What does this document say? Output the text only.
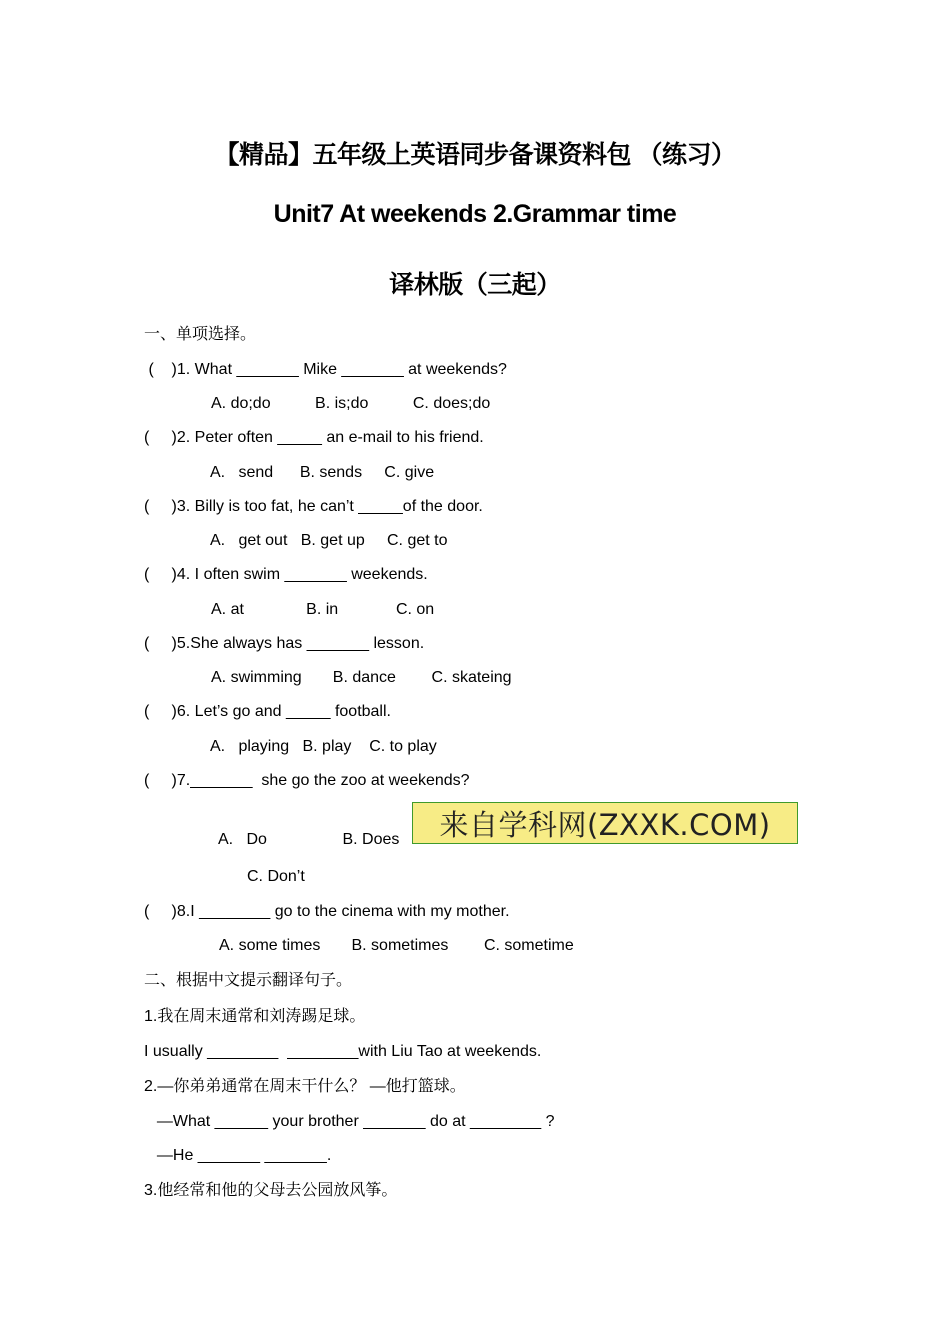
【精品】五年级上英语同步备课资料包 （练习）
Unit7 At weekends 2.Grammar time
译林版（三起）
一、单项选择。
(    )1. What _______ Mike _______ at weekends?
A. do;do          B. is;do          C. does;do
(     )2. Peter often _____ an e-mail to his friend.
A.   send      B. sends     C. give
(     )3. Billy is too fat, he can’t _____of the door.
A.   get out   B. get up     C. get to
(     )4. I often swim _______ weekends.
A. at              B. in             C. on
(     )5.She always has _______ lesson.
A. swimming       B. dance        C. skateing
(     )6. Let’s go and _____ football.
A.   playing   B. play    C. to play
(     )7._______  she go the zoo at weekends?
A.   Do                 B. Does
C. Don’t
(     )8.I ________ go to the cinema with my mother.
A. some times       B. sometimes        C. sometime
二、根据中文提示翻译句子。
1.我在周末通常和刘涛踢足球。
I usually ________  ________with Liu Tao at weekends.
2.—你弟弟通常在周末干什么？ —他打篮球。
—What ______ your brother _______ do at ________ ?
—He _______ _______.
3.他经常和他的父母去公园放风筝。
来自学科网(ZXXK.COM)
